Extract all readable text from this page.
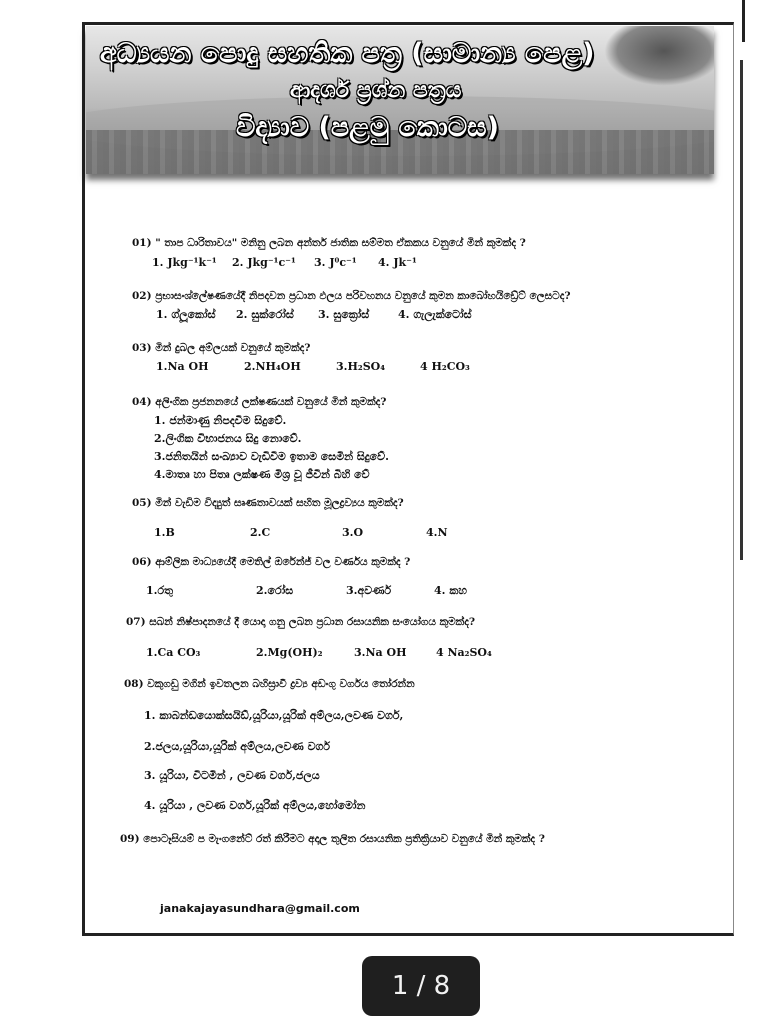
අධ්‍යයන පොදු සහතික පත්‍ර (සාමාන්‍ය පෙළ)
ආදර්ශ ප්‍රශ්න පත්‍රය
විද්‍යාව (පළමු කොටස)
01) " තාප ධාරිතාවය" මනිනු ලබන අන්තර් ජාතික සම්මත ඒකකය වනුයේ මින් කුමක්ද ?
1. Jkg⁻¹k⁻¹ 2. Jkg⁻¹c⁻¹ 3. J⁰c⁻¹ 4. Jk⁻¹
02) ප්‍රභාසංශ්ලේෂණයේදී නිපදවන ප්‍රධාන ඵලය පරිවහනය වනුයේ කුමන කාබෝහයිඩ්‍රේට් ලෙසටද?
1. ග්ලූකෝස් 2. සුක්රෝස් 3. සුක්‍රෝස්	4. ගැලැක්ටෝස්
03) මින් දුබල අම්ලයක් වනුයේ කුමක්ද?
1.Na OH	2.NH₄OH	3.H₂SO₄	4 H₂CO₃
04) අලිංගික ප්‍රජනනයේ ලක්ෂණයක් වනුයේ මින් කුමක්ද?
1. ජන්මාණු නිපදවීම සිදුවේ.
2.ලිංගික විභාජනය සිදු නොවේ.
3.ජනිතයින් සංඛ්‍යාව වැඩිවීම ඉතාම සෙමින් සිදුවේ.
4.මාතෘ හා පිතෘ ලක්ෂණ මිශ්‍ර වූ ජීවීන් බිහි වේ
05) මින් වැඩිම විද්‍යුත් සෘණතාවයක් සහිත මූලද්‍රව්‍යය කුමක්ද?
1.B	2.C	3.O	4.N
06) ආම්ලික මාධ්‍යයේදී මෙතිල් ඔරේන්ජ් වල වර්ණය කුමක්ද ?
1.රතු	2.රෝස	3.අවර්ණ	4. කහ
07) සබන් නිෂ්පාදනයේ දී යොදා ගනු ලබන ප්‍රධාන රසායනික සංයෝගය කුමක්ද?
1.Ca CO₃	2.Mg(OH)₂	3.Na OH	4 Na₂SO₄
08) වකුගඩු මගින් ඉවතලන බහිස්‍රාවී ද්‍රව්‍ය අඩංගු වර්ගය තෝරන්න
1. කාබන්ඩයොක්සයිඩ්,යූරියා,යූරික් අම්ලය,ලවණ වර්ග,
2.ජලය,යූරියා,යූරික් අම්ලය,ලවණ වර්ග
3. යූරියා, විටමින් , ලවණ වර්ග,ජලය
4. යූරියා , ලවණ වර්ග,යූරික් අම්ලය,හෝමෝන
09) පොටෑසියම් ප මැංගනේට් රත් කිරීමට අදාල තුලිත රසායනික ප්‍රතික්‍රියාව වනුයේ මින් කුමක්ද ?
janakajayasundhara@gmail.com
1 / 8
